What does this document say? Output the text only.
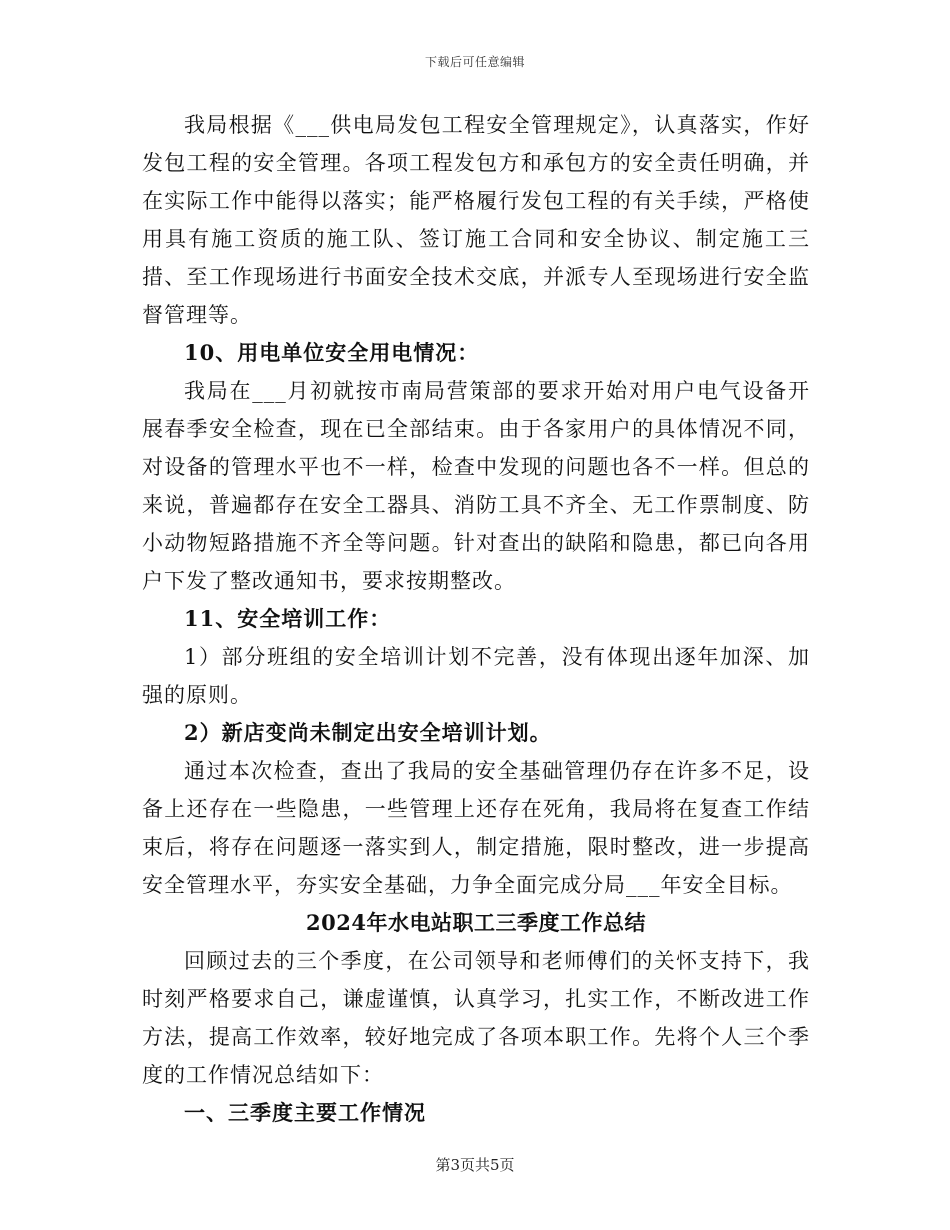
下载后可任意编辑

我局根据《___供电局发包工程安全管理规定》，认真落实，作好发包工程的安全管理。各项工程发包方和承包方的安全责任明确，并在实际工作中能得以落实；能严格履行发包工程的有关手续，严格使用具有施工资质的施工队、签订施工合同和安全协议、制定施工三措、至工作现场进行书面安全技术交底，并派专人至现场进行安全监督管理等。

10、用电单位安全用电情况：

我局在___月初就按市南局营策部的要求开始对用户电气设备开展春季安全检查，现在已全部结束。由于各家用户的具体情况不同，对设备的管理水平也不一样，检查中发现的问题也各不一样。但总的来说，普遍都存在安全工器具、消防工具不齐全、无工作票制度、防小动物短路措施不齐全等问题。针对查出的缺陷和隐患，都已向各用户下发了整改通知书，要求按期整改。

11、安全培训工作：

1）部分班组的安全培训计划不完善，没有体现出逐年加深、加强的原则。

2）新店变尚未制定出安全培训计划。

通过本次检查，查出了我局的安全基础管理仍存在许多不足，设备上还存在一些隐患，一些管理上还存在死角，我局将在复查工作结束后，将存在问题逐一落实到人，制定措施，限时整改，进一步提高安全管理水平，夯实安全基础，力争全面完成分局___年安全目标。

2024年水电站职工三季度工作总结

回顾过去的三个季度，在公司领导和老师傅们的关怀支持下，我时刻严格要求自己，谦虚谨慎，认真学习，扎实工作，不断改进工作方法，提高工作效率，较好地完成了各项本职工作。先将个人三个季度的工作情况总结如下：

一、三季度主要工作情况

第3页共5页
